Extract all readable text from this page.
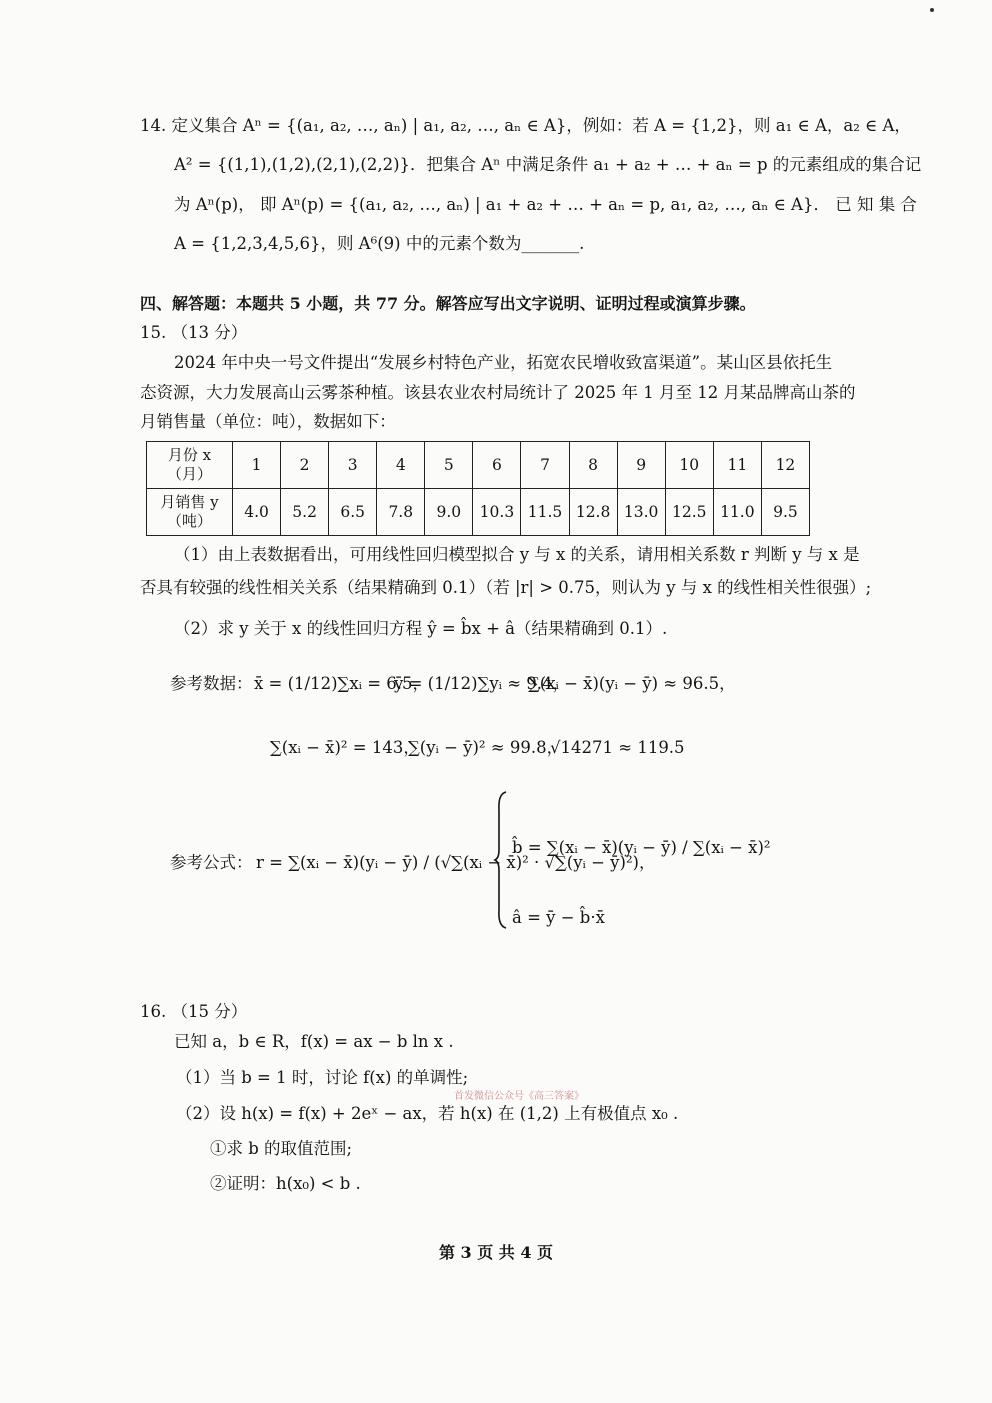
14. 定义集合 Aⁿ = {(a₁, a₂, …, aₙ) | a₁, a₂, …, aₙ ∈ A}，例如：若 A = {1,2}，则 a₁ ∈ A，a₂ ∈ A，
A² = {(1,1),(1,2),(2,1),(2,2)}．把集合 Aⁿ 中满足条件 a₁ + a₂ + … + aₙ = p 的元素组成的集合记
为 Aⁿ(p)， 即 Aⁿ(p) = {(a₁, a₂, …, aₙ) | a₁ + a₂ + … + aₙ = p, a₁, a₂, …, aₙ ∈ A}． 已 知 集 合
A = {1,2,3,4,5,6}，则 A⁶(9) 中的元素个数为_______.
四、解答题：本题共 5 小题，共 77 分。解答应写出文字说明、证明过程或演算步骤。
15. （13 分）
2024 年中央一号文件提出“发展乡村特色产业，拓宽农民增收致富渠道”。某山区县依托生
态资源，大力发展高山云雾茶种植。该县农业农村局统计了 2025 年 1 月至 12 月某品牌高山茶的
月销售量（单位：吨），数据如下：
月份 x
（月）	1	2	3	4	5	6	7	8	9	10	11	12
月销售 y
（吨）	4.0	5.2	6.5	7.8	9.0	10.3	11.5	12.8	13.0	12.5	11.0	9.5
（1）由上表数据看出，可用线性回归模型拟合 y 与 x 的关系，请用相关系数 r 判断 y 与 x 是
否具有较强的线性相关关系（结果精确到 0.1）（若 |r| > 0.75，则认为 y 与 x 的线性相关性很强）;
（2）求 y 关于 x 的线性回归方程 ŷ = b̂x + â（结果精确到 0.1）.
参考数据： x̄ = (1/12)∑xᵢ = 6.5，
ȳ = (1/12)∑yᵢ ≈ 9.4，
∑(xᵢ − x̄)(yᵢ − ȳ) ≈ 96.5，
∑(xᵢ − x̄)² = 143，
∑(yᵢ − ȳ)² ≈ 99.8，
√14271 ≈ 119.5
参考公式： r = ∑(xᵢ − x̄)(yᵢ − ȳ) / (√∑(xᵢ − x̄)² · √∑(yᵢ − ȳ)²)，
b̂ = ∑(xᵢ − x̄)(yᵢ − ȳ) / ∑(xᵢ − x̄)²
â = ȳ − b̂·x̄
16. （15 分）
已知 a，b ∈ R，f(x) = ax − b ln x .
（1）当 b = 1 时，讨论 f(x) 的单调性;
（2）设 h(x) = f(x) + 2eˣ − ax，若 h(x) 在 (1,2) 上有极值点 x₀ .
①求 b 的取值范围;
②证明：h(x₀) < b .
首发微信公众号《高三答案》
第 3 页 共 4 页
